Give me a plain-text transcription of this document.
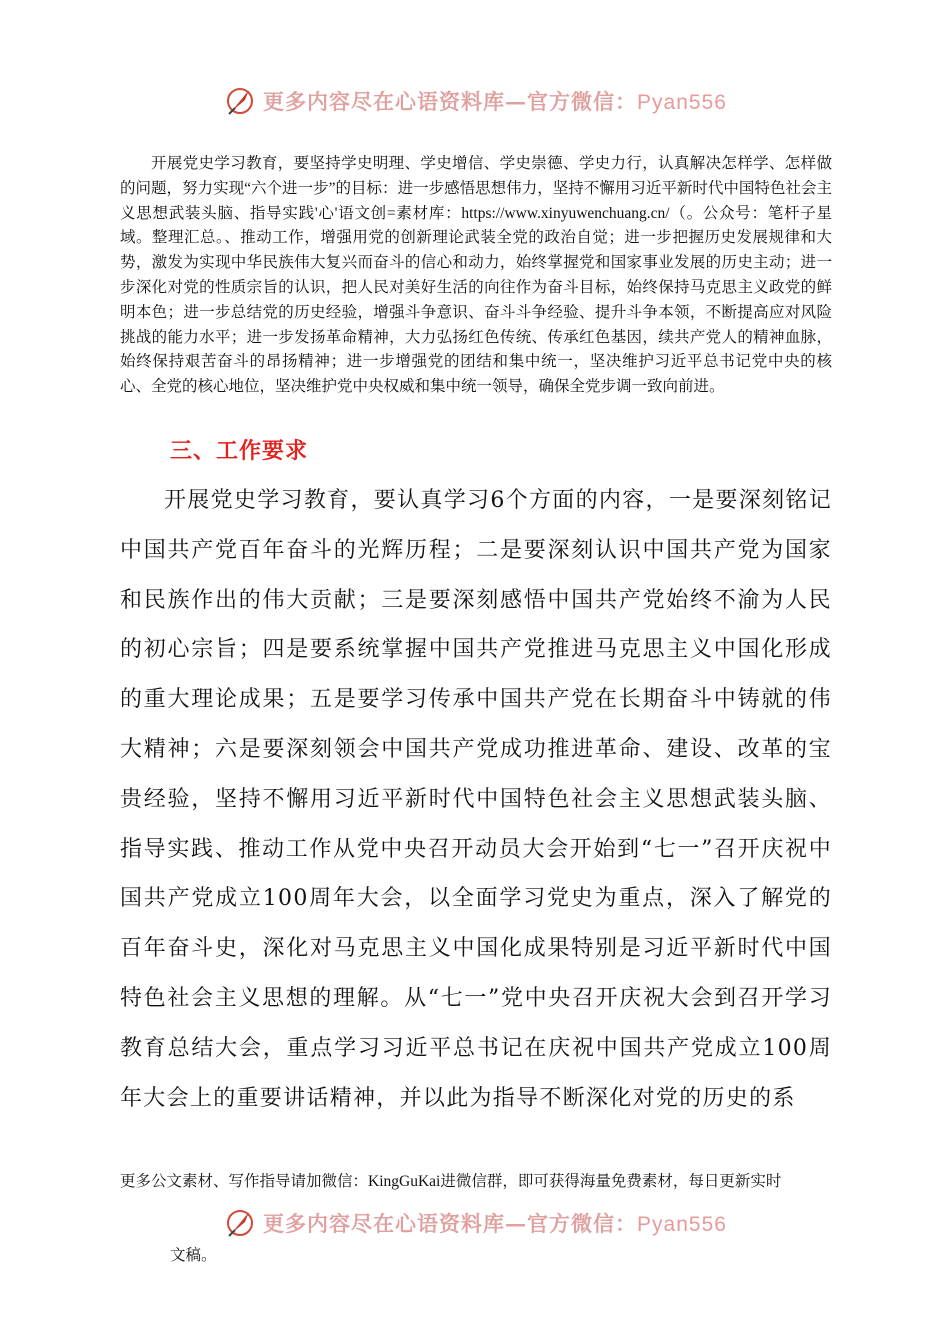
更多内容尽在心语资料库—官方微信：Pyan556
开展党史学习教育，要坚持学史明理、学史增信、学史崇德、学史力行，认真解决怎样学、怎样做的问题，努力实现“六个进一步”的目标：进一步感悟思想伟力，坚持不懈用习近平新时代中国特色社会主义思想武装头脑、指导实践'心'语文创=素材库：https://www.xinyuwenchuang.cn/（。公众号：笔杆子星域。整理汇总。、推动工作，增强用党的创新理论武装全党的政治自觉；进一步把握历史发展规律和大势，激发为实现中华民族伟大复兴而奋斗的信心和动力，始终掌握党和国家事业发展的历史主动；进一步深化对党的性质宗旨的认识，把人民对美好生活的向往作为奋斗目标，始终保持马克思主义政党的鲜明本色；进一步总结党的历史经验，增强斗争意识、奋斗斗争经验、提升斗争本领，不断提高应对风险挑战的能力水平；进一步发扬革命精神，大力弘扬红色传统、传承红色基因，续共产党人的精神血脉，始终保持艰苦奋斗的昂扬精神；进一步增强党的团结和集中统一，坚决维护习近平总书记党中央的核心、全党的核心地位，坚决维护党中央权威和集中统一领导，确保全党步调一致向前进。
三、工作要求
开展党史学习教育，要认真学习6个方面的内容，一是要深刻铭记中国共产党百年奋斗的光辉历程；二是要深刻认识中国共产党为国家和民族作出的伟大贡献；三是要深刻感悟中国共产党始终不渝为人民的初心宗旨；四是要系统掌握中国共产党推进马克思主义中国化形成的重大理论成果；五是要学习传承中国共产党在长期奋斗中铸就的伟大精神；六是要深刻领会中国共产党成功推进革命、建设、改革的宝贵经验，坚持不懈用习近平新时代中国特色社会主义思想武装头脑、指导实践、推动工作从党中央召开动员大会开始到“七一”召开庆祝中国共产党成立100周年大会，以全面学习党史为重点，深入了解党的百年奋斗史，深化对马克思主义中国化成果特别是习近平新时代中国特色社会主义思想的理解。从“七一”党中央召开庆祝大会到召开学习教育总结大会，重点学习习近平总书记在庆祝中国共产党成立100周年大会上的重要讲话精神，并以此为指导不断深化对党的历史的系
更多公文素材、写作指导请加微信：KingGuKai进微信群，即可获得海量免费素材，每日更新实时
更多内容尽在心语资料库—官方微信：Pyan556
文稿。
